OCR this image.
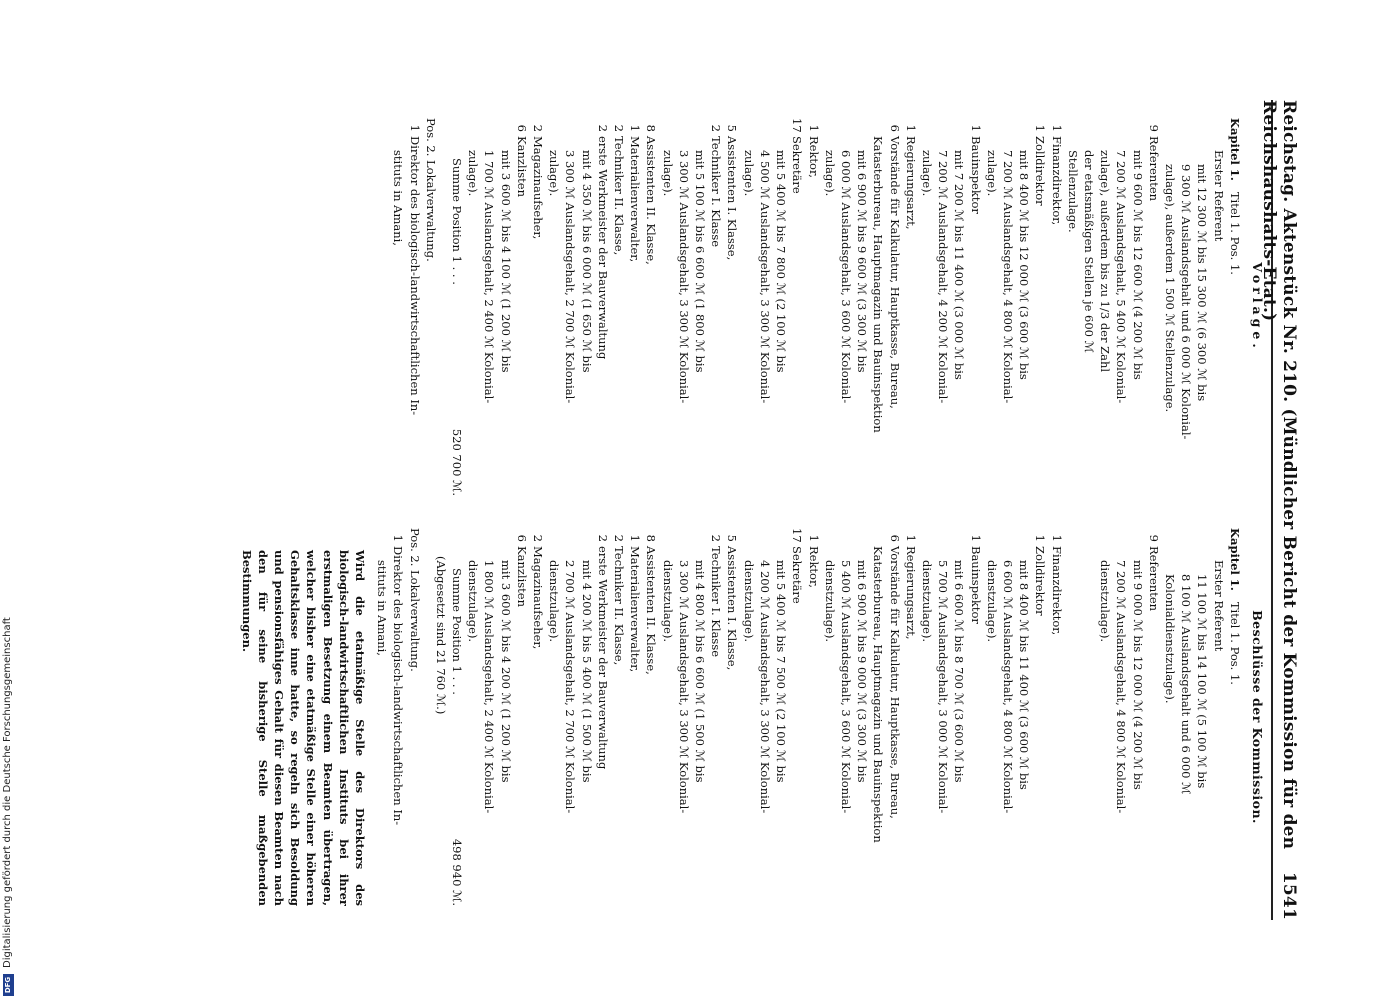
Reichstag. Aktenstück Nr. 210. (Mündlicher Bericht der Kommission für den Reichshaushalts-Etat.)
1541
Vorlage.
Kapitel 1.   Titel 1. Pos. 1.
Erster Referent
mit 12 300 ℳ bis 15 300 ℳ (6 300 ℳ bis
9 300 ℳ Auslandsgehalt und 6 000 ℳ Kolonial-
zulage), außerdem 1 500 ℳ Stellenzulage.
9
Referenten
mit 9 600 ℳ bis 12 600 ℳ (4 200 ℳ bis
7 200 ℳ Auslandsgehalt, 5 400 ℳ Kolonial-
zulage), außerdem bis zu 1/3 der Zahl
der etatsmäßigen Stellen je 600 ℳ
Stellenzulage.
1
Finanzdirektor,
1
Zolldirektor
mit 8 400 ℳ bis 12 000 ℳ (3 600 ℳ bis
7 200 ℳ Auslandsgehalt, 4 800 ℳ Kolonial-
zulage).
1
Bauinspektor
mit 7 200 ℳ bis 11 400 ℳ (3 000 ℳ bis
7 200 ℳ Auslandsgehalt, 4 200 ℳ Kolonial-
zulage).
1
Regierungsarzt,
6
Vorstände für Kalkulatur, Hauptkasse, Bureau,
Katasterbureau, Hauptmagazin und Bauinspektion
mit 6 900 ℳ bis 9 600 ℳ (3 300 ℳ bis
6 000 ℳ Auslandsgehalt, 3 600 ℳ Kolonial-
zulage).
1
Rektor,
17
Sekretäre
mit 5 400 ℳ bis 7 800 ℳ (2 100 ℳ bis
4 500 ℳ Auslandsgehalt, 3 300 ℳ Kolonial-
zulage).
5
Assistenten I. Klasse,
2
Techniker I. Klasse
mit 5 100 ℳ bis 6 600 ℳ (1 800 ℳ bis
3 300 ℳ Auslandsgehalt, 3 300 ℳ Kolonial-
zulage).
8
Assistenten II. Klasse,
1
Materialienverwalter,
2
Techniker II. Klasse,
2
erste Werkmeister der Bauverwaltung
mit 4 350 ℳ bis 6 000 ℳ (1 650 ℳ bis
3 300 ℳ Auslandsgehalt, 2 700 ℳ Kolonial-
zulage).
2
Magazinaufseher,
6
Kanzlisten
mit 3 600 ℳ bis 4 100 ℳ (1 200 ℳ bis
1 700 ℳ Auslandsgehalt, 2 400 ℳ Kolonial-
zulage).
Summe Position 1 . . .
520 700 ℳ.
Pos. 2. Lokalverwaltung.
1
Direktor des biologisch-landwirtschaftlichen In-
stituts in Amani,
Beschlüsse der Kommission.
Kapitel 1.   Titel 1. Pos. 1.
Erster Referent
11 100 ℳ bis 14 100 ℳ (5 100 ℳ bis
8 100 ℳ Auslandsgehalt und 6 000 ℳ
Kolonialdienstzulage).
9
Referenten
mit 9 000 ℳ bis 12 000 ℳ (4 200 ℳ bis
7 200 ℳ Auslandsgehalt, 4 800 ℳ Kolonial-
dienstzulage).

1
Finanzdirektor,
1
Zolldirektor
mit 8 400 ℳ bis 11 400 ℳ (3 600 ℳ bis
6 600 ℳ Auslandsgehalt, 4 800 ℳ Kolonial-
dienstzulage).
1
Bauinspektor
mit 6 600 ℳ bis 8 700 ℳ (3 600 ℳ bis
5 700 ℳ Auslandsgehalt, 3 000 ℳ Kolonial-
dienstzulage).
1
Regierungsarzt,
6
Vorstände für Kalkulatur, Hauptkasse, Bureau,
Katasterbureau, Hauptmagazin und Bauinspektion
mit 6 900 ℳ bis 9 000 ℳ (3 300 ℳ bis
5 400 ℳ Auslandsgehalt, 3 600 ℳ Kolonial-
dienstzulage).
1
Rektor,
17
Sekretäre
mit 5 400 ℳ bis 7 500 ℳ (2 100 ℳ bis
4 200 ℳ Auslandsgehalt, 3 300 ℳ Kolonial-
dienstzulage).
5
Assistenten I. Klasse,
2
Techniker I. Klasse
mit 4 800 ℳ bis 6 600 ℳ (1 500 ℳ bis
3 300 ℳ Auslandsgehalt, 3 300 ℳ Kolonial-
dienstzulage).
8
Assistenten II. Klasse,
1
Materialienverwalter,
2
Techniker II. Klasse,
2
erste Werkmeister der Bauverwaltung
mit 4 200 ℳ bis 5 400 ℳ (1 500 ℳ bis
2 700 ℳ Auslandsgehalt, 2 700 ℳ Kolonial-
dienstzulage).
2
Magazinaufseher,
6
Kanzlisten
mit 3 600 ℳ bis 4 200 ℳ (1 200 ℳ bis
1 800 ℳ Auslandsgehalt, 2 400 ℳ Kolonial-
dienstzulage).
Summe Position 1 . . .
498 940 ℳ.
(Abgesetzt sind 21 760 ℳ.)
Pos. 2. Lokalverwaltung.
1
Direktor des biologisch-landwirtschaftlichen In-
stituts in Amani,
Wird die etatmäßige Stelle des Direktors des biologisch-landwirtschaftlichen Instituts bei ihrer erstmaligen Besetzung einem Beamten übertragen, welcher bisher eine etatmäßige Stelle einer höheren Gehaltsklasse inne hatte, so regeln sich Besoldung und pensionsfähiges Gehalt für diesen Beamten nach den für seine bisherige Stelle maßgebenden Bestimmungen.
DFG
Digitalisierung gefördert durch die Deutsche Forschungsgemeinschaft
